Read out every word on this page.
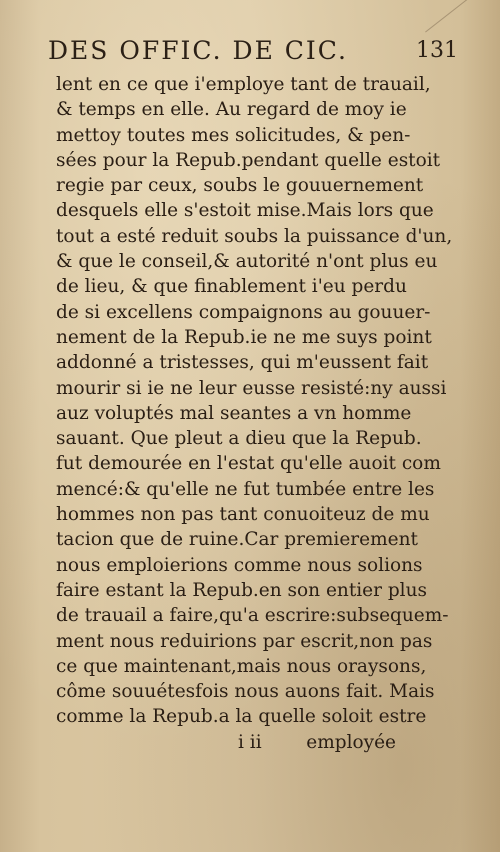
DES OFFIC. DE CIC.	131
lent en ce que i'employe tant de trauail,
& temps en elle. Au regard de moy ie
mettoy toutes mes solicitudes, & pen-
sées pour la Repub.pendant quelle estoit
regie par ceux, soubs le gouuernement
desquels elle s'estoit mise.Mais lors que
tout a esté reduit soubs la puissance d'un,
& que le conseil,& autorité n'ont plus eu
de lieu, & que finablement i'eu perdu
de si excellens compaignons au gouuer-
nement de la Repub.ie ne me suys point
addonné a tristesses, qui m'eussent fait
mourir si ie ne leur eusse resisté:ny aussi
auz voluptés mal seantes a vn homme
sauant. Que pleut a dieu que la Repub.
fut demourée en l'estat qu'elle auoit com
mencé:& qu'elle ne fut tumbée entre les
hommes non pas tant conuoiteuz de mu
tacion que de ruine.Car premierement
nous emploierions comme nous solions
faire estant la Repub.en son entier plus
de trauail a faire,qu'a escrire:subsequem-
ment nous reduirions par escrit,non pas
ce que maintenant,mais nous oraysons,
côme souuétesfois nous auons fait. Mais
comme la Repub.a la quelle soloit estre
i ii employée
